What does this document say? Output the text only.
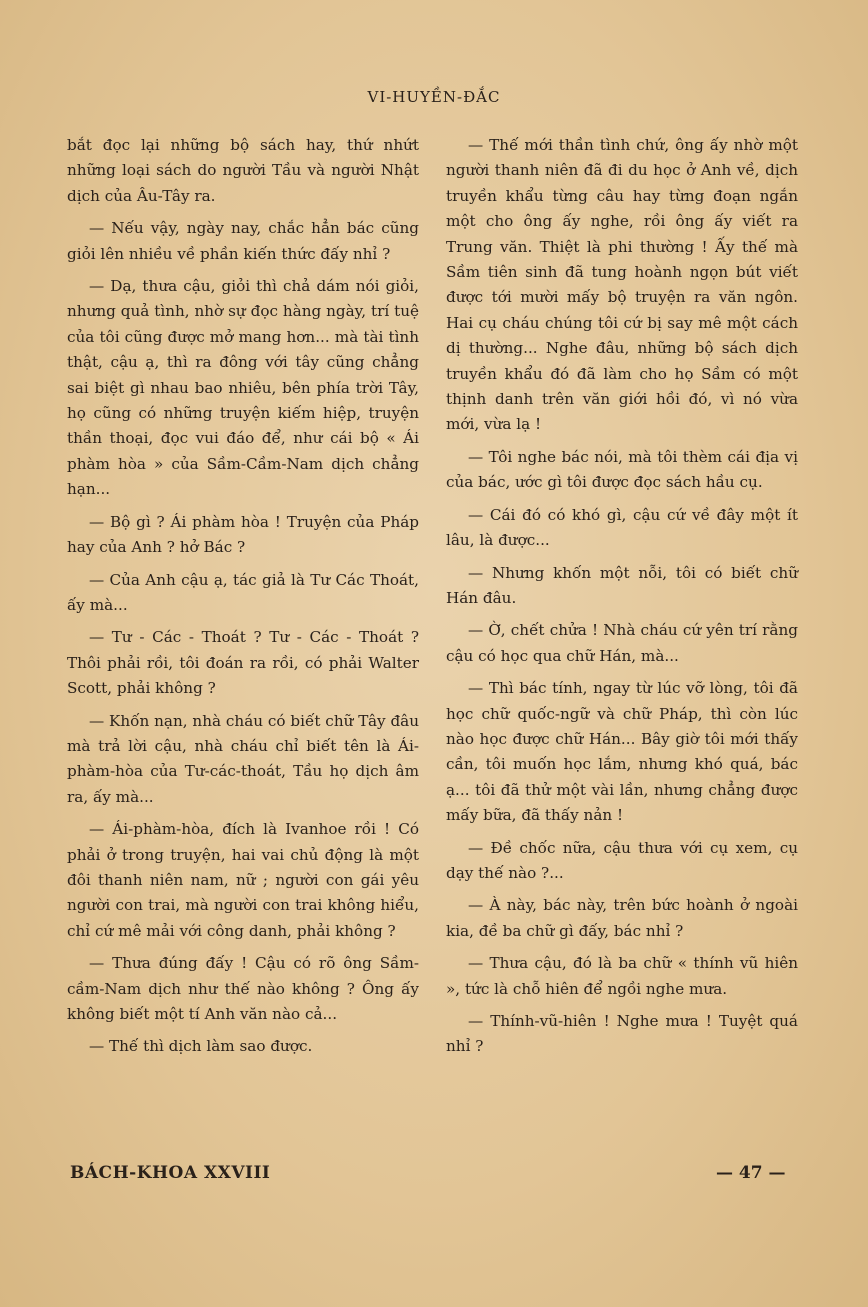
VI-HUYỀN-ĐẮC

bắt đọc lại những bộ sách hay, thứ nhứt những loại sách do người Tầu và người Nhật dịch của Âu-Tây ra.

— Nếu vậy, ngày nay, chắc hẳn bác cũng giỏi lên nhiều về phần kiến thức đấy nhỉ ?

— Dạ, thưa cậu, giỏi thì chả dám nói giỏi, nhưng quả tình, nhờ sự đọc hàng ngày, trí tuệ của tôi cũng được mở mang hơn... mà tài tình thật, cậu ạ, thì ra đông với tây cũng chẳng sai biệt gì nhau bao nhiêu, bên phía trời Tây, họ cũng có những truyện kiếm hiệp, truyện thần thoại, đọc vui đáo để, như cái bộ « Ái phàm hòa » của Sầm-Cầm-Nam dịch chẳng hạn...

— Bộ gì ? Ái phàm hòa ! Truyện của Pháp hay của Anh ? hở Bác ?

— Của Anh cậu ạ, tác giả là Tư Các Thoát, ấy mà...

— Tư - Các - Thoát ? Tư - Các - Thoát ? Thôi phải rồi, tôi đoán ra rồi, có phải Walter Scott, phải không ?

— Khốn nạn, nhà cháu có biết chữ Tây đâu mà trả lời cậu, nhà cháu chỉ biết tên là Ái-phàm-hòa của Tư-các-thoát, Tầu họ dịch âm ra, ấy mà...

— Ái-phàm-hòa, đích là Ivanhoe rồi ! Có phải ở trong truyện, hai vai chủ động là một đôi thanh niên nam, nữ ; người con gái yêu người con trai, mà người con trai không hiểu, chỉ cứ mê mải với công danh, phải không ?

— Thưa đúng đấy ! Cậu có rõ ông Sầm-cầm-Nam dịch như thế nào không ? Ông ấy không biết một tí Anh văn nào cả...

— Thế thì dịch làm sao được.

— Thế mới thần tình chứ, ông ấy nhờ một người thanh niên đã đi du học ở Anh về, dịch truyền khẩu từng câu hay từng đoạn ngắn một cho ông ấy nghe, rồi ông ấy viết ra Trung văn. Thiệt là phi thường ! Ấy thế mà Sầm tiên sinh đã tung hoành ngọn bút viết được tới mười mấy bộ truyện ra văn ngôn. Hai cụ cháu chúng tôi cứ bị say mê một cách dị thường... Nghe đâu, những bộ sách dịch truyền khẩu đó đã làm cho họ Sầm có một thịnh danh trên văn giới hồi đó, vì nó vừa mới, vừa lạ !

— Tôi nghe bác nói, mà tôi thèm cái địa vị của bác, ước gì tôi được đọc sách hầu cụ.

— Cái đó có khó gì, cậu cứ về đây một ít lâu, là được...

— Nhưng khốn một nỗi, tôi có biết chữ Hán đâu.

— Ờ, chết chửa ! Nhà cháu cứ yên trí rằng cậu có học qua chữ Hán, mà...

— Thì bác tính, ngay từ lúc vỡ lòng, tôi đã học chữ quốc-ngữ và chữ Pháp, thì còn lúc nào học được chữ Hán... Bây giờ tôi mới thấy cần, tôi muốn học lắm, nhưng khó quá, bác ạ... tôi đã thử một vài lần, nhưng chẳng được mấy bữa, đã thấy nản !

— Đề chốc nữa, cậu thưa với cụ xem, cụ dạy thế nào ?...

— À này, bác này, trên bức hoành ở ngoài kia, đề ba chữ gì đấy, bác nhỉ ?

— Thưa cậu, đó là ba chữ « thính vũ hiên », tức là chỗ hiên để ngồi nghe mưa.

— Thính-vũ-hiên ! Nghe mưa ! Tuyệt quá nhỉ ?

BÁCH-KHOA XXVIII	— 47 —
